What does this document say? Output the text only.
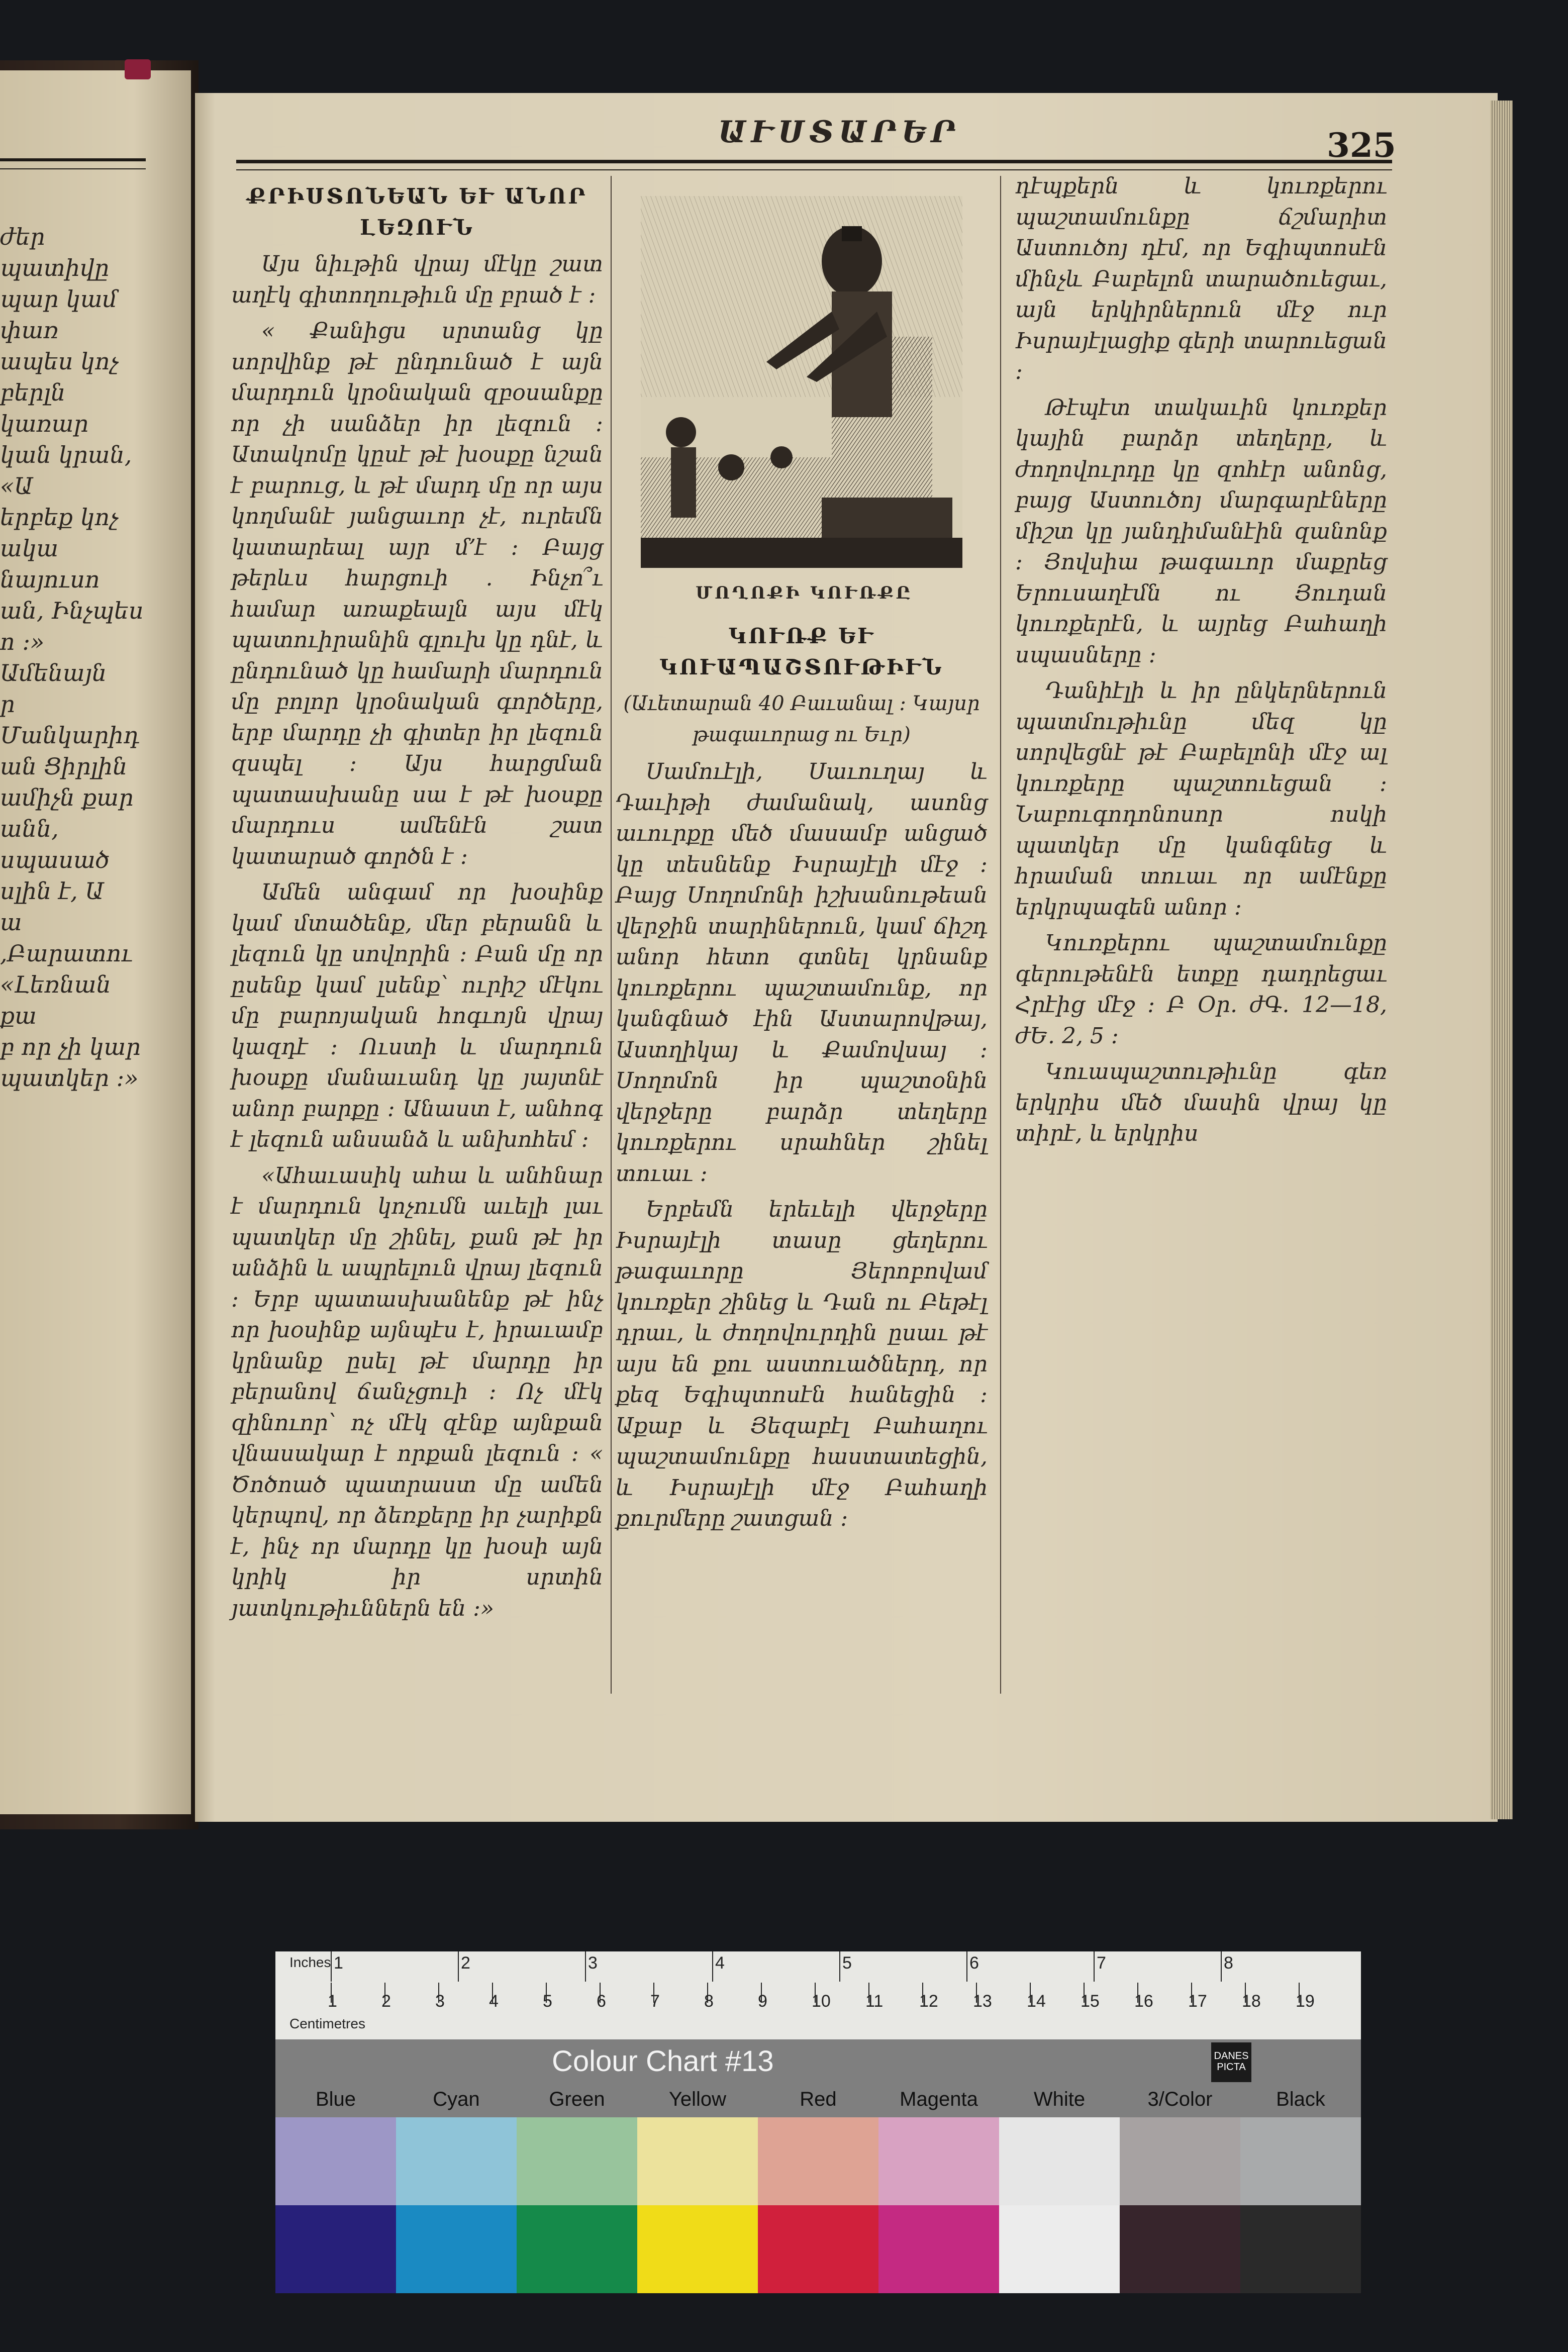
ժեր պատիվը
պար կամ փառ
ապես կոչ
բերլն կառար
կան կրան, «Ա
երբեք կոչ
ակա նայուսո
ան, Ինչպես
ո ։» Ամենայն
ր Մանկարիդ
ան Ցիրլին
ամիչն քար
անն, սպասած
սլին է, Ա
ա ,Բարատու
«Լեռնան քա
բ որ չի կար
պատկեր ։»

ԱՒՍՏԱՐԵՐ	325
ՔՐԻՍՏՈՆԵԱՆ ԵՒ ԱՆՈՐ ԼԵԶՈՒՆ

Այս նիւթին վրայ մէկը շատ աղէկ գիտողութիւն մը բրած է ։

« Քանիցս սրտանց կը սորվինք թէ ընդունած է այն մարդուն կրօնական զբօսանքը որ չի սանձեր իր լեզուն ։ Ատակոմը կըսէ թէ խօսքը նշան է բարուց, և թէ մարդ մը որ այս կողմանէ յանցաւոր չէ, ուրեմն կատարեալ այր մ՚է ։ Բայց թերևս հարցուի ․ Ինչո՞ւ համար առաքեալն այս մէկ պատուիրանին գլուխ կը դնէ, և ընդունած կը համարի մարդուն մը բոլոր կրօնական գործերը, երբ մարդը չի գիտեր իր լեզուն զսպել ։ Այս հարցման պատասխանը սա է թէ խօսքը մարդուս ամենէն շատ կատարած գործն է ։

Ամեն անգամ որ խօսինք կամ մտածենք, մեր բերանն և լեզուն կը սովորին ։ Բան մը որ ըսենք կամ լսենք՝ ուրիշ մէկու մը բարոյական հոգւոյն վրայ կազդէ ։ Ուստի և մարդուն խօսքը մանաւանդ կը յայտնէ անոր բարքը ։ Անաստ է, անհոգ է լեզուն անսանձ և անխոհեմ ։

«Ահաւասիկ ահա և անհնար է մարդուն կոչումն աւելի լաւ պատկեր մը շինել, քան թէ իր անձին և ապրելուն վրայ լեզուն ։ Երբ պատասխանենք թէ ինչ որ խօսինք այնպէս է, իրաւամբ կրնանք ըսել թէ մարդը իր բերանով ճանչցուի ։ Ոչ մէկ զինուոր՝ ոչ մէկ զէնք այնքան վնասակար է որքան լեզուն ։ « Ծոծոած պատրաստ մը ամեն կերպով, որ ձեռքերը իր չարիքն է, ինչ որ մարդը կը խօսի այն կրիկ իր սրտին յատկութիւններն են ։»

ՄՈՂՈՔԻ ԿՈՒՌՔԸ
ԿՈՒՌՔ ԵՒ ԿՈՒԱՊԱՇՏՈՒԹԻՒՆ
(Աւետարան 40 Բաւանալ ։ Կայսր թագաւորաց ու Եւր)

Սամուէլի, Սաւուղայ և Դաւիթի ժամանակ, ասոնց աւուրքը մեծ մասամբ անցած կը տեսնենք Իսրայէլի մէջ ։ Բայց Սողոմոնի իշխանութեան վերջին տարիներուն, կամ ճիշդ անոր հետո գտնել կրնանք կուռքերու պաշտամունք, որ կանգնած էին Աստարովթայ, Աստղիկայ և Քամովսայ ։ Սողոմոն իր պաշտօնին վերջերը բարձր տեղերը կուռքերու սրահներ շինել տուաւ ։

Երբեմն երեւելի վերջերը Իսրայէլի տասը ցեղերու թագաւորը Յերոբովամ կուռքեր շինեց և Դան ու Բեթէլ դրաւ, և ժողովուրդին ըսաւ թէ այս են քու աստուածներդ, որ քեզ Եգիպտոսէն հանեցին ։ Աքաբ և Յեզաբէլ Բահաղու պաշտամունքը հաստատեցին, և Իսրայէլի մէջ Բահաղի քուրմերը շատցան ։

դէպքերն և կուռքերու պաշտամունքը ճշմարիտ Աստուծոյ դէմ, որ Եգիպտոսէն մինչև Բաբելոն տարածուեցաւ, այն երկիրներուն մէջ ուր Իսրայէլացիք գերի տարուեցան ։

Թէպէտ տակաւին կուռքեր կային բարձր տեղերը, և ժողովուրդը կը զոհէր անոնց, բայց Աստուծոյ մարգարէները միշտ կը յանդիմանէին զանոնք ։ Յովսիա թագաւոր մաքրեց Երուսաղէմն ու Յուդան կուռքերէն, և այրեց Բահաղի սպասները ։

Դանիէլի և իր ընկերներուն պատմութիւնը մեզ կը սորվեցնէ թէ Բաբելոնի մէջ ալ կուռքերը պաշտուեցան ։ Նաբուգոդոնոսոր ոսկի պատկեր մը կանգնեց և հրաման տուաւ որ ամէնքը երկրպագեն անոր ։

Կուռքերու պաշտամունքը գերութենէն ետքը դադրեցաւ Հրէից մէջ ։ Բ Օր. ժԳ. 12—18, ժԵ. 2, 5 ։

Կուապաշտութիւնը գեռ երկրիս մեծ մասին վրայ կը տիրէ, և երկրիս

Inches
Centimetres
1	2	3	4	5	6	7	8
1	2	3	4	5	6	7	8	9	10 11 12 13 14 15 16 17 18 19
Colour Chart #13	DANES PICTA
Blue	Cyan	Green	Yellow	Red	Magenta	White	3/Color	Black
